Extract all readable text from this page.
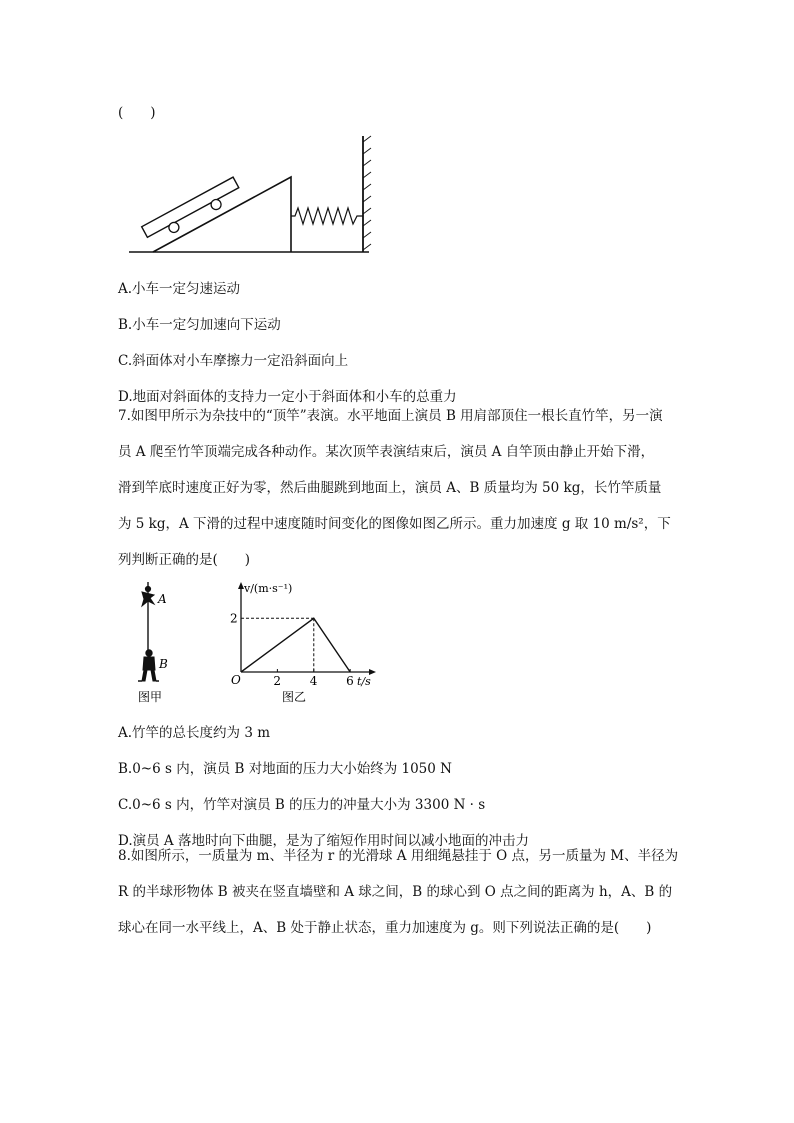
(　　)
A.小车一定匀速运动
B.小车一定匀加速向下运动
C.斜面体对小车摩擦力一定沿斜面向上
D.地面对斜面体的支持力一定小于斜面体和小车的总重力
7.如图甲所示为杂技中的“顶竿”表演。水平地面上演员 B 用肩部顶住一根长直竹竿，另一演
员 A 爬至竹竿顶端完成各种动作。某次顶竿表演结束后，演员 A 自竿顶由静止开始下滑，
滑到竿底时速度正好为零，然后曲腿跳到地面上，演员 A、B 质量均为 50 kg，长竹竿质量
为 5 kg，A 下滑的过程中速度随时间变化的图像如图乙所示。重力加速度 g 取 10 m/s²，下
列判断正确的是(　　)
A
B
图甲
v/(m·s⁻¹)
t/s
O	2 4 6
2
图乙
A.竹竿的总长度约为 3 m
B.0~6 s 内，演员 B 对地面的压力大小始终为 1050 N
C.0~6 s 内，竹竿对演员 B 的压力的冲量大小为 3300 N · s
D.演员 A 落地时向下曲腿，是为了缩短作用时间以减小地面的冲击力
8.如图所示，一质量为 m、半径为 r 的光滑球 A 用细绳悬挂于 O 点，另一质量为 M、半径为
R 的半球形物体 B 被夹在竖直墙壁和 A 球之间，B 的球心到 O 点之间的距离为 h，A、B 的
球心在同一水平线上，A、B 处于静止状态，重力加速度为 g。则下列说法正确的是(　　)
